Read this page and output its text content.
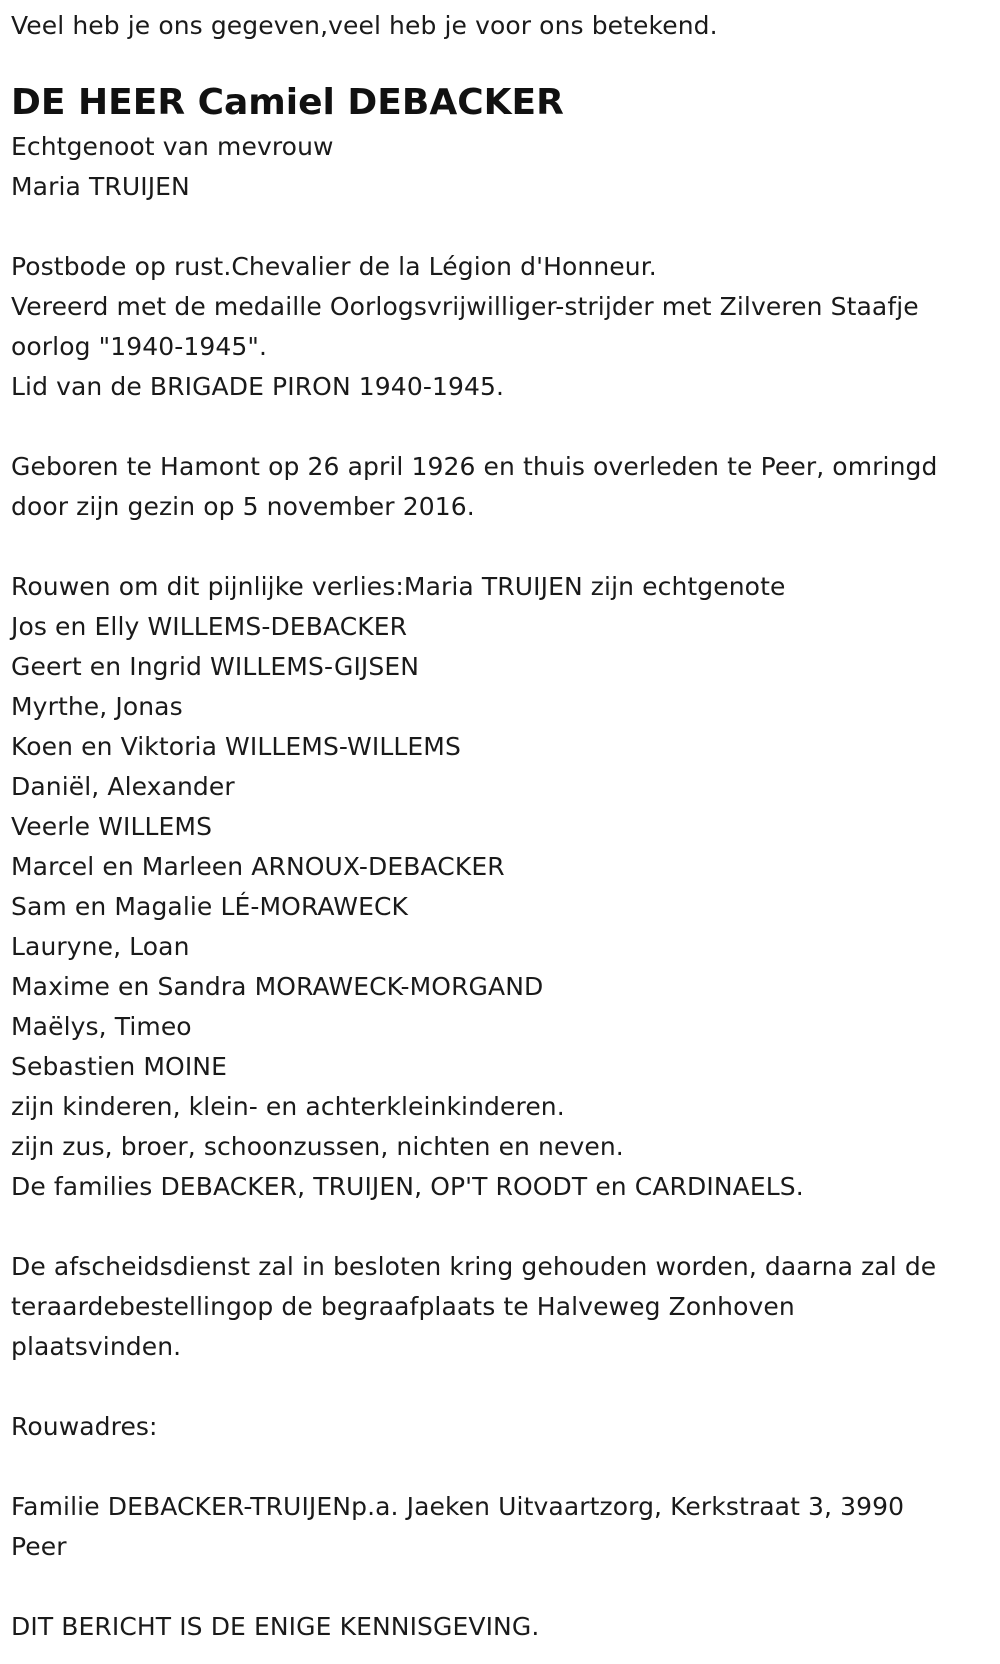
Veel heb je ons gegeven,veel heb je voor ons betekend.
DE HEER Camiel DEBACKER
Echtgenoot van mevrouw
Maria TRUIJEN
Postbode op rust.Chevalier de la Légion d'Honneur.
Vereerd met de medaille Oorlogsvrijwilliger-strijder met Zilveren Staafje
oorlog "1940-1945".
Lid van de BRIGADE PIRON 1940-1945.
Geboren te Hamont op 26 april 1926 en thuis overleden te Peer, omringd
door zijn gezin op 5 november 2016.
Rouwen om dit pijnlijke verlies:Maria TRUIJEN zijn echtgenote
Jos en Elly WILLEMS-DEBACKER
Geert en Ingrid WILLEMS-GIJSEN
Myrthe, Jonas
Koen en Viktoria WILLEMS-WILLEMS
Daniël, Alexander
Veerle WILLEMS
Marcel en Marleen ARNOUX-DEBACKER
Sam en Magalie LÉ-MORAWECK
Lauryne, Loan
Maxime en Sandra MORAWECK-MORGAND
Maëlys, Timeo
Sebastien MOINE
zijn kinderen, klein- en achterkleinkinderen.
zijn zus, broer, schoonzussen, nichten en neven.
De families DEBACKER, TRUIJEN, OP'T ROODT en CARDINAELS.
De afscheidsdienst zal in besloten kring gehouden worden, daarna zal de
teraardebestellingop de begraafplaats te Halveweg Zonhoven
plaatsvinden.
Rouwadres:
Familie DEBACKER-TRUIJENp.a. Jaeken Uitvaartzorg, Kerkstraat 3, 3990
Peer
DIT BERICHT IS DE ENIGE KENNISGEVING.
